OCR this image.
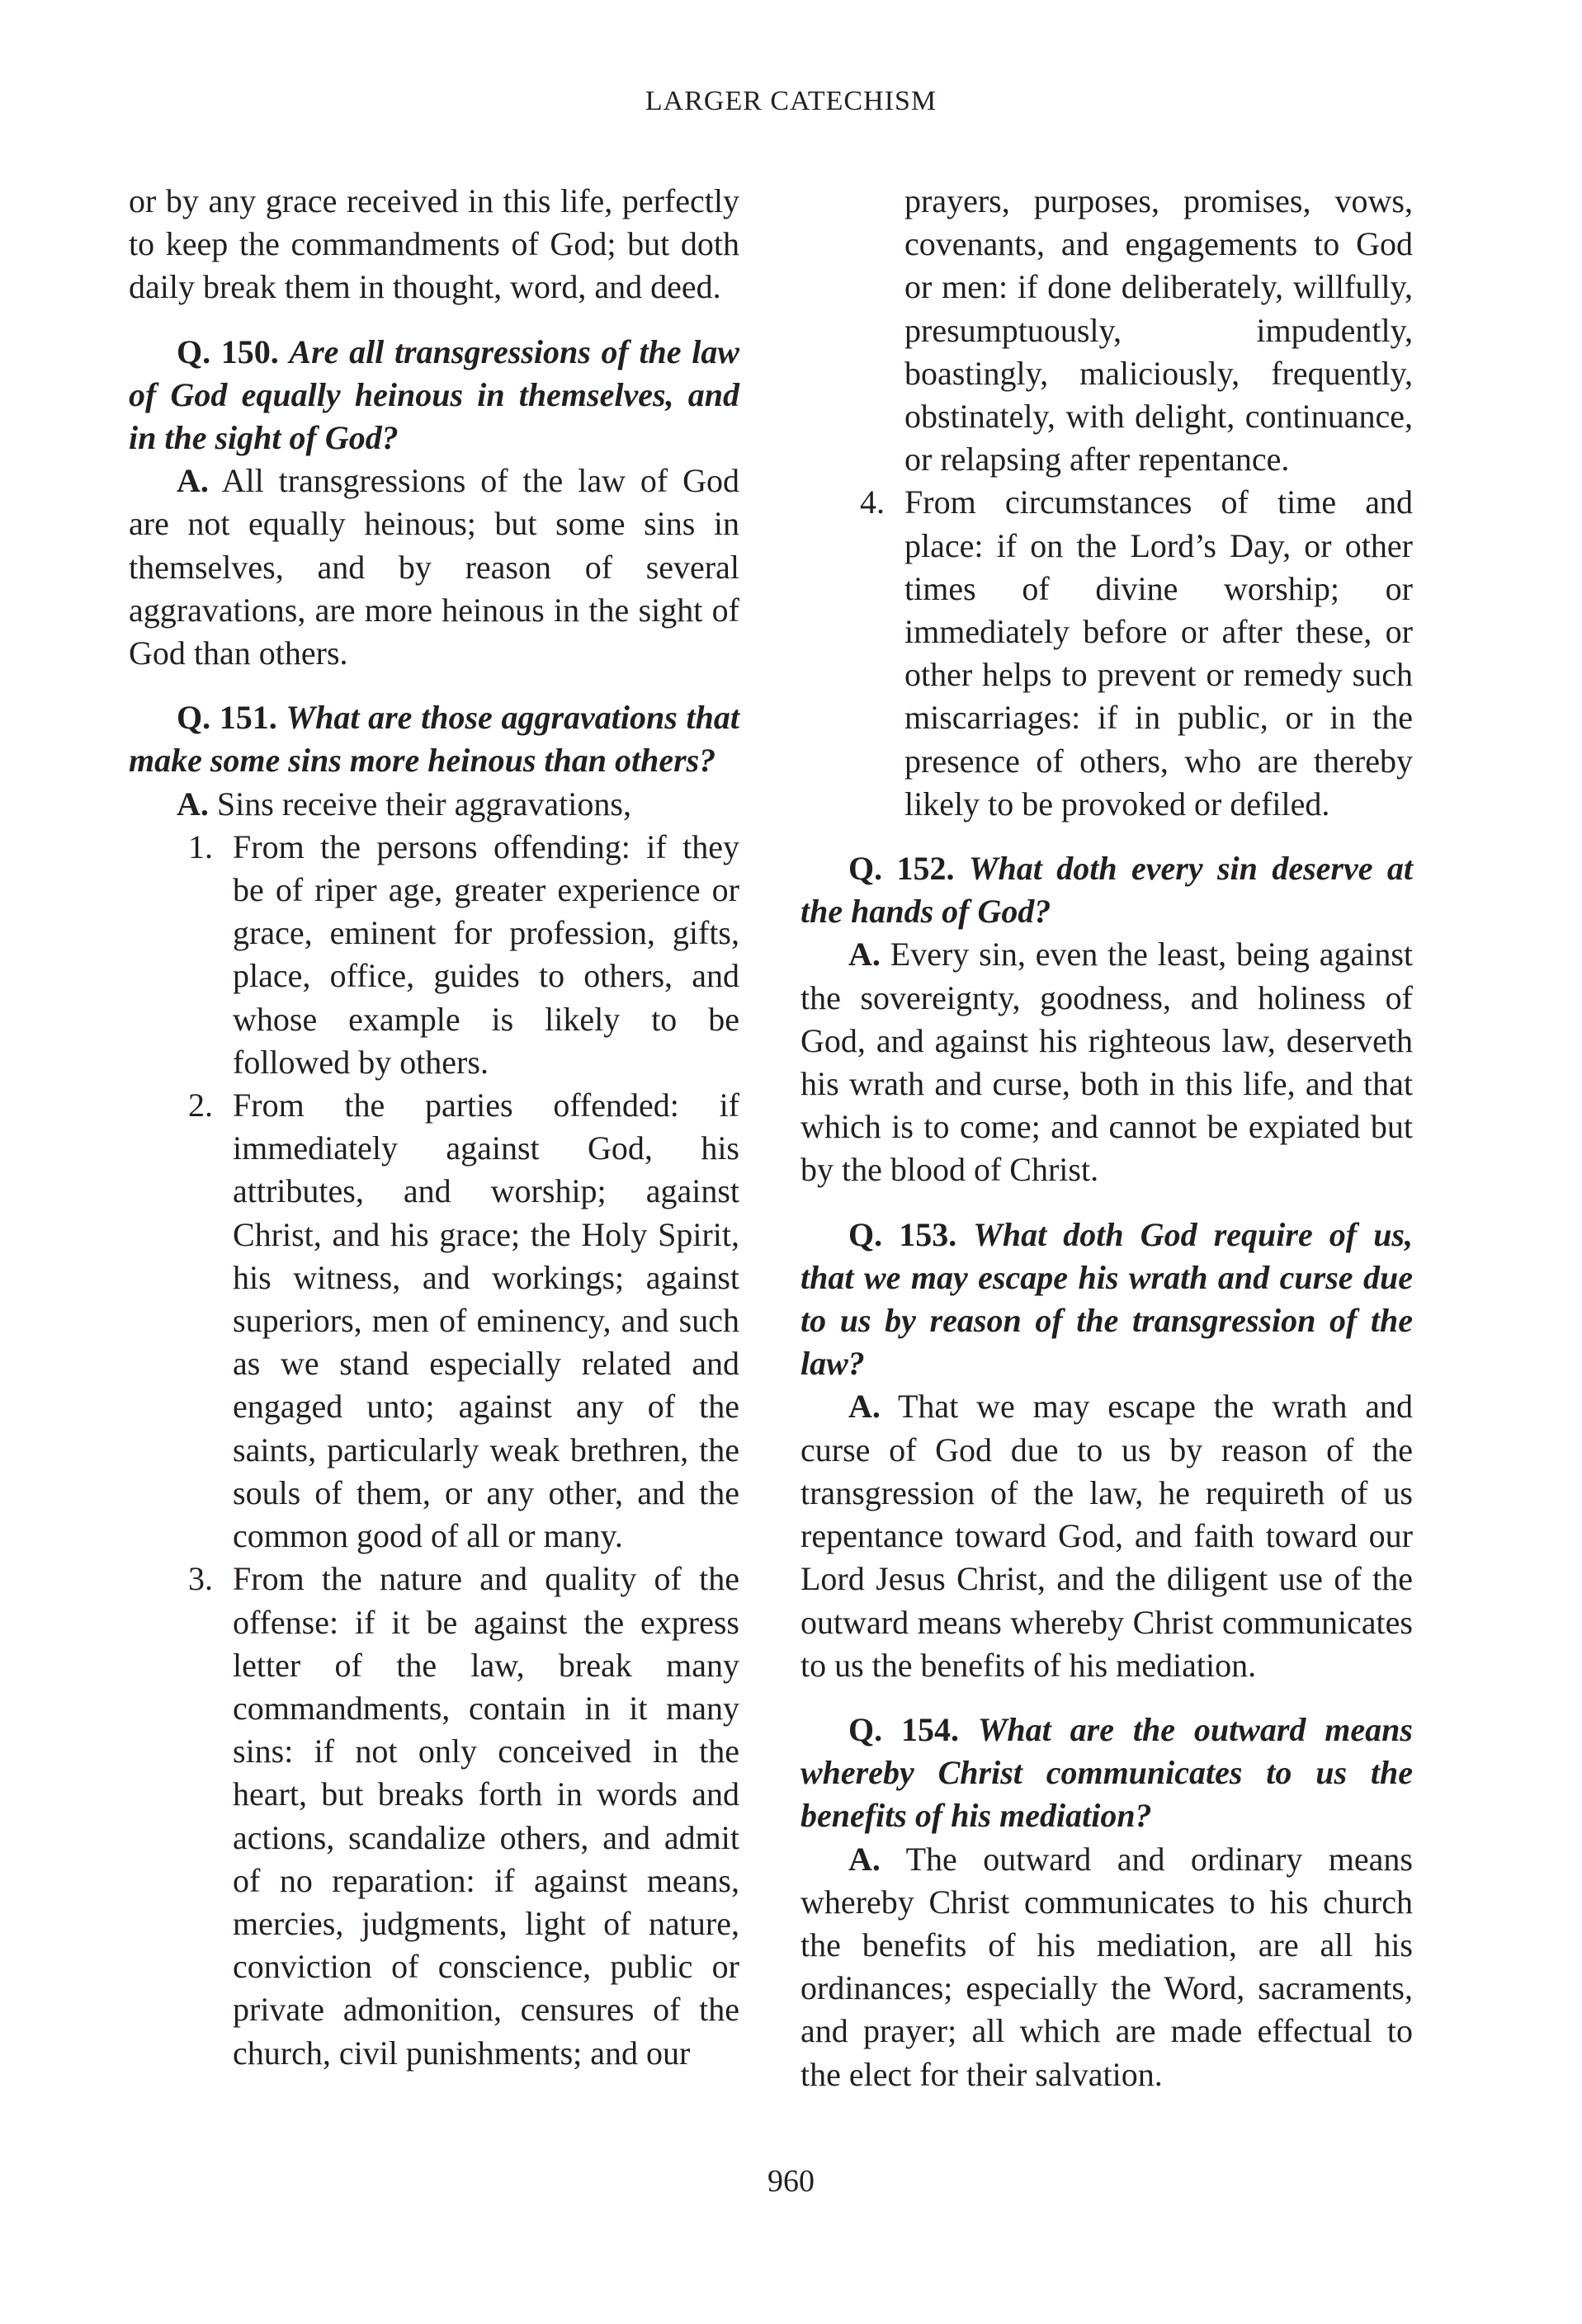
LARGER CATECHISM

or by any grace received in this life, perfectly to keep the commandments of God; but doth daily break them in thought, word, and deed.

Q. 150. Are all transgressions of the law of God equally heinous in themselves, and in the sight of God?

A. All transgressions of the law of God are not equally heinous; but some sins in themselves, and by reason of several aggravations, are more heinous in the sight of God than others.

Q. 151. What are those aggravations that make some sins more heinous than others?

A. Sins receive their aggravations,

1. From the persons offending: if they be of riper age, greater experience or grace, eminent for profession, gifts, place, office, guides to others, and whose example is likely to be followed by others.

2. From the parties offended: if immediately against God, his attributes, and worship; against Christ, and his grace; the Holy Spirit, his witness, and workings; against superiors, men of eminency, and such as we stand especially related and engaged unto; against any of the saints, particularly weak brethren, the souls of them, or any other, and the common good of all or many.

3. From the nature and quality of the offense: if it be against the express letter of the law, break many commandments, contain in it many sins: if not only conceived in the heart, but breaks forth in words and actions, scandalize others, and admit of no reparation: if against means, mercies, judgments, light of nature, conviction of conscience, public or private admonition, censures of the church, civil punishments; and our

prayers, purposes, promises, vows, covenants, and engagements to God or men: if done deliberately, willfully, presumptuously, impudently, boastingly, maliciously, frequently, obstinately, with delight, continuance, or relapsing after repentance.

4. From circumstances of time and place: if on the Lord’s Day, or other times of divine worship; or immediately before or after these, or other helps to prevent or remedy such miscarriages: if in public, or in the presence of others, who are thereby likely to be provoked or defiled.

Q. 152. What doth every sin deserve at the hands of God?

A. Every sin, even the least, being against the sovereignty, goodness, and holiness of God, and against his righteous law, deserveth his wrath and curse, both in this life, and that which is to come; and cannot be expiated but by the blood of Christ.

Q. 153. What doth God require of us, that we may escape his wrath and curse due to us by reason of the transgression of the law?

A. That we may escape the wrath and curse of God due to us by reason of the transgression of the law, he requireth of us repentance toward God, and faith toward our Lord Jesus Christ, and the diligent use of the outward means whereby Christ communicates to us the benefits of his mediation.

Q. 154. What are the outward means whereby Christ communicates to us the benefits of his mediation?

A. The outward and ordinary means whereby Christ communicates to his church the benefits of his mediation, are all his ordinances; especially the Word, sacraments, and prayer; all which are made effectual to the elect for their salvation.

960
